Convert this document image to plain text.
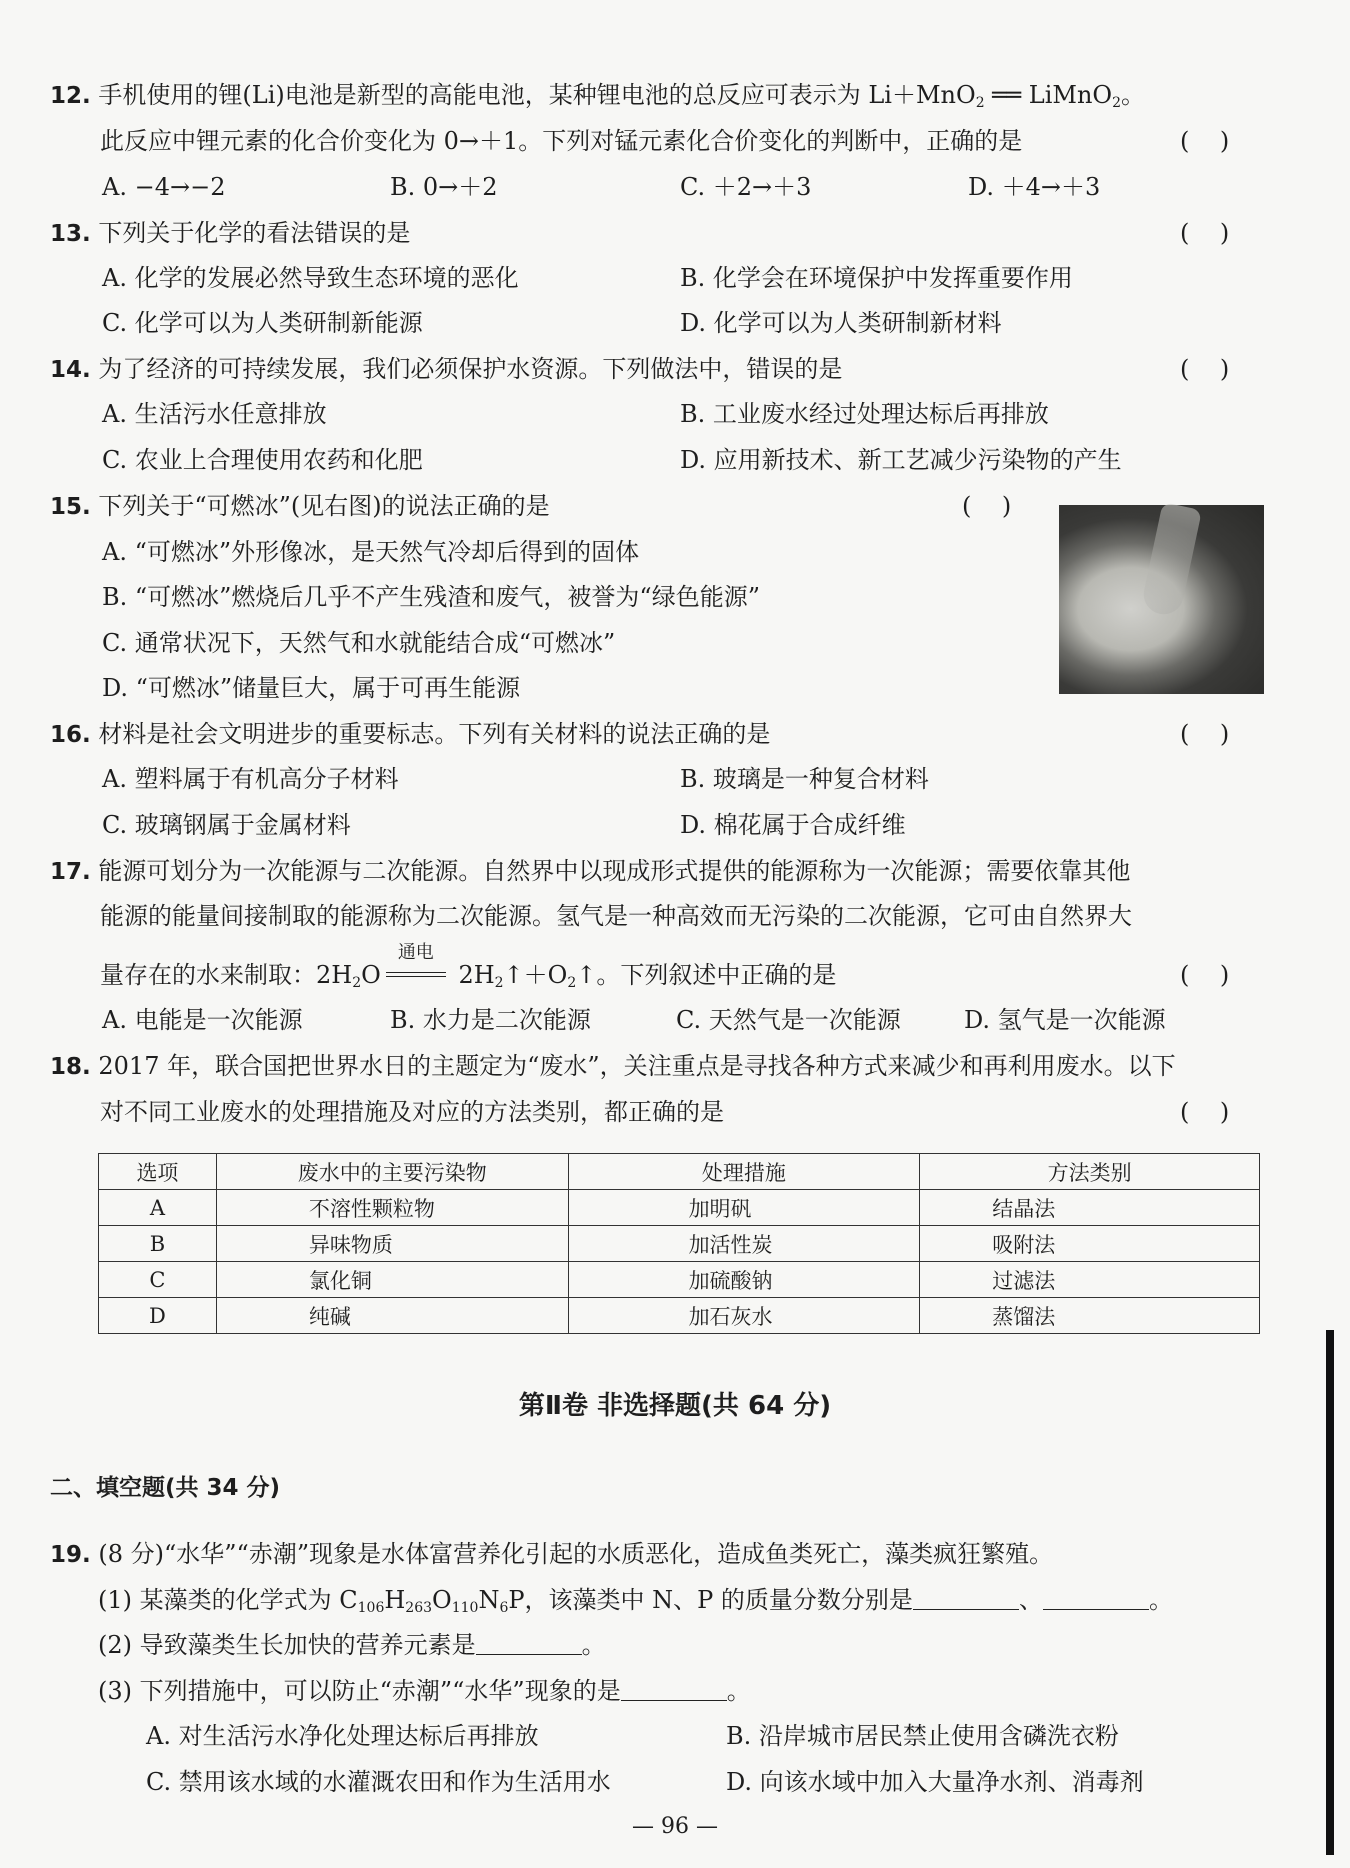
12. 手机使用的锂(Li)电池是新型的高能电池，某种锂电池的总反应可表示为 Li＋MnO$_2$ ══ LiMnO$_2$。
此反应中锂元素的化合价变化为 0→＋1。下列对锰元素化合价变化的判断中，正确的是	(    )
A. −4→−2	B. 0→＋2	C. ＋2→＋3	D. ＋4→＋3
13. 下列关于化学的看法错误的是	(    )
A. 化学的发展必然导致生态环境的恶化	B. 化学会在环境保护中发挥重要作用
C. 化学可以为人类研制新能源	D. 化学可以为人类研制新材料
14. 为了经济的可持续发展，我们必须保护水资源。下列做法中，错误的是	(    )
A. 生活污水任意排放	B. 工业废水经过处理达标后再排放
C. 农业上合理使用农药和化肥	D. 应用新技术、新工艺减少污染物的产生
15. 下列关于“可燃冰”(见右图)的说法正确的是	(    )
A. “可燃冰”外形像冰，是天然气冷却后得到的固体
B. “可燃冰”燃烧后几乎不产生残渣和废气，被誉为“绿色能源”
C. 通常状况下，天然气和水就能结合成“可燃冰”
D. “可燃冰”储量巨大，属于可再生能源
16. 材料是社会文明进步的重要标志。下列有关材料的说法正确的是	(    )
A. 塑料属于有机高分子材料	B. 玻璃是一种复合材料
C. 玻璃钢属于金属材料	D. 棉花属于合成纤维
17. 能源可划分为一次能源与二次能源。自然界中以现成形式提供的能源称为一次能源；需要依靠其他
能源的能量间接制取的能源称为二次能源。氢气是一种高效而无污染的二次能源，它可由自然界大
量存在的水来制取：$2H_2O$
通电
$2H_2↑+O_2↑$。下列叙述中正确的是	(    )
A. 电能是一次能源	B. 水力是二次能源	C. 天然气是一次能源	D. 氢气是一次能源
18. 2017 年，联合国把世界水日的主题定为“废水”，关注重点是寻找各种方式来减少和再利用废水。以下
对不同工业废水的处理措施及对应的方法类别，都正确的是	(    )
选项	废水中的主要污染物	处理措施	方法类别
A	不溶性颗粒物	加明矾	结晶法
B	异味物质	加活性炭	吸附法
C	氯化铜	加硫酸钠	过滤法
D	纯碱	加石灰水	蒸馏法
第Ⅱ卷 非选择题(共 64 分)
二、填空题(共 34 分)
19. (8 分)“水华”“赤潮”现象是水体富营养化引起的水质恶化，造成鱼类死亡，藻类疯狂繁殖。
(1) 某藻类的化学式为 $C_{106}H_{263}O_{110}N_6P$，该藻类中 N、P 的质量分数分别是	、	。
(2) 导致藻类生长加快的营养元素是	。
(3) 下列措施中，可以防止“赤潮”“水华”现象的是	。
A. 对生活污水净化处理达标后再排放	B. 沿岸城市居民禁止使用含磷洗衣粉
C. 禁用该水域的水灌溉农田和作为生活用水	D. 向该水域中加入大量净水剂、消毒剂
— 96 —
